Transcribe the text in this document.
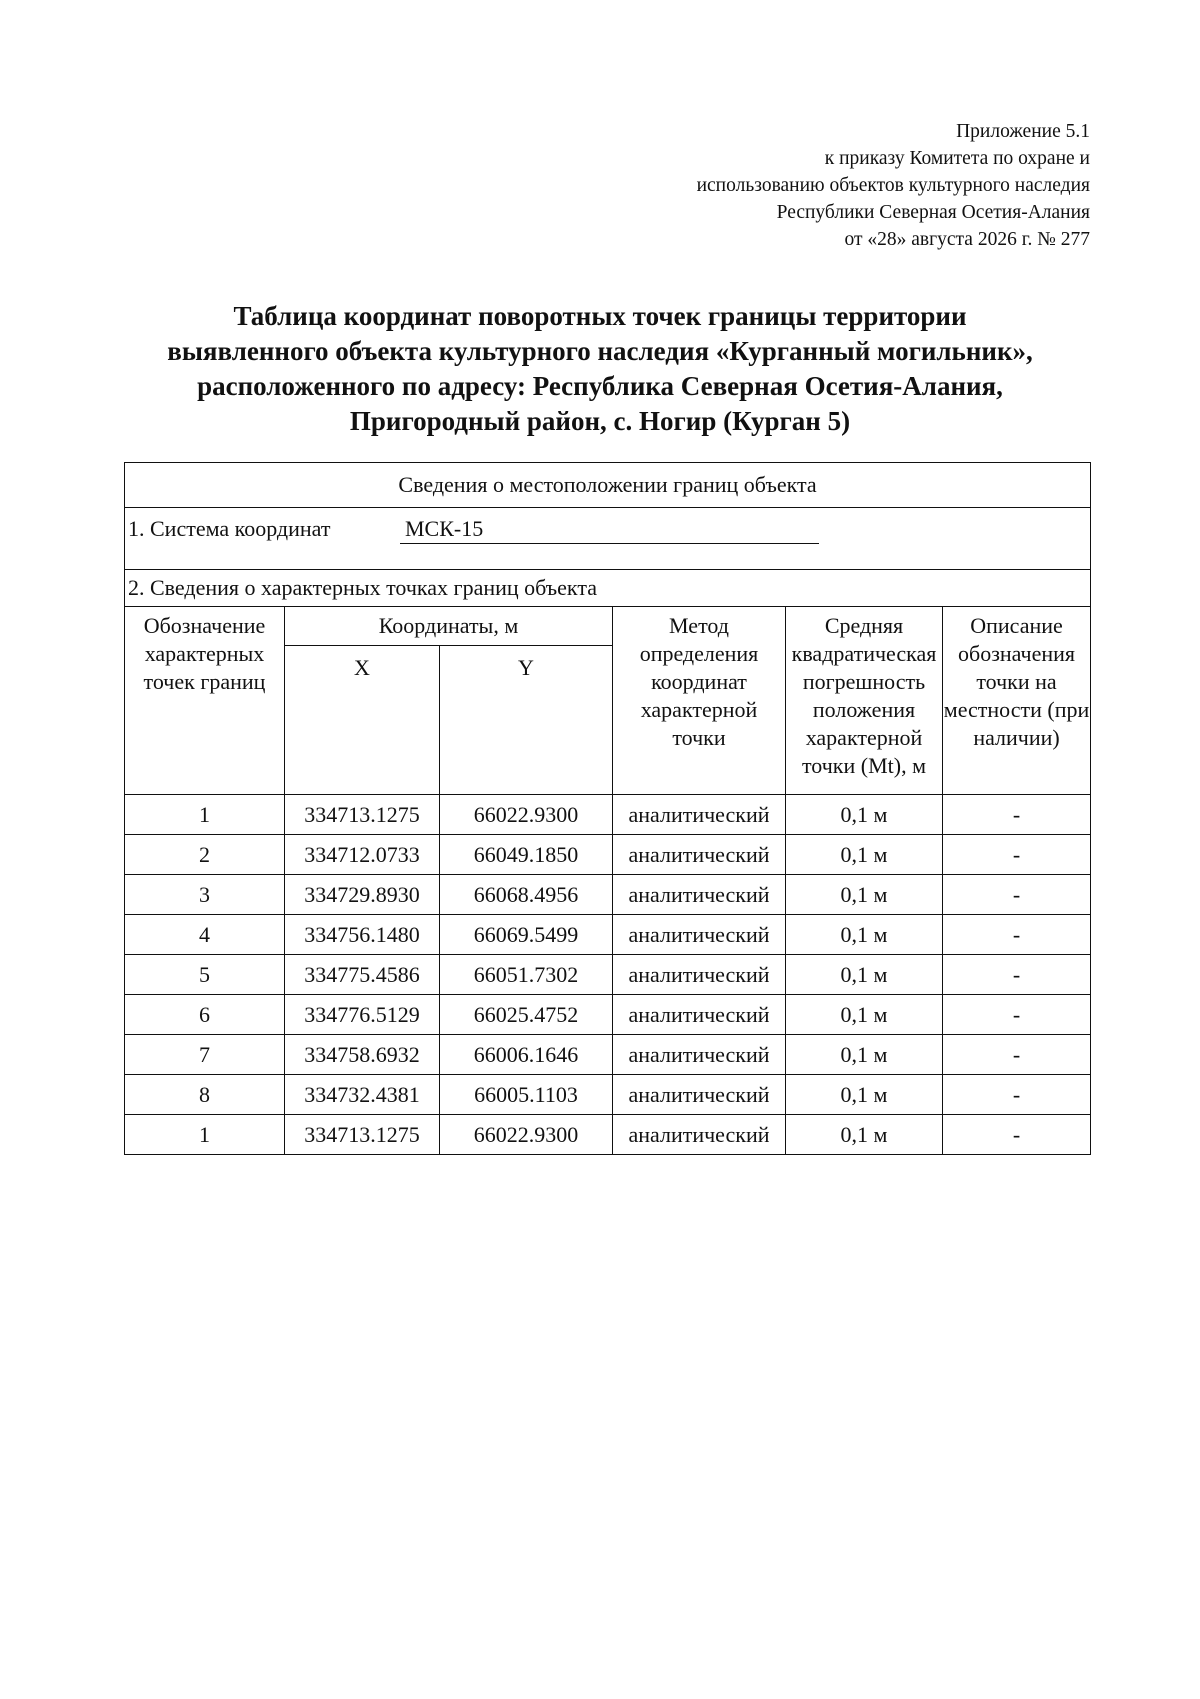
Приложение 5.1
к приказу Комитета по охране и
использованию объектов культурного наследия
Республики Северная Осетия-Алания
от «28» августа 2026 г. № 277
Таблица координат поворотных точек границы территории
выявленного объекта культурного наследия «Курганный могильник»,
расположенного по адресу: Республика Северная Осетия-Алания,
Пригородный район, с. Ногир (Курган 5)
Сведения о местоположении границ объекта					

1. Система координат МСК-15					

2. Сведения о характерных точках границ объекта					
Обозначение характерных точек границ	Координаты, м		Метод определения координат характерной точки	Средняя квадратическая погрешность положения характерной точки (Mt), м	Описание обозначения точки на местности (при наличии)
	X	Y			
1	334713.1275	66022.9300	аналитический	0,1 м	-
2	334712.0733	66049.1850	аналитический	0,1 м	-
3	334729.8930	66068.4956	аналитический	0,1 м	-
4	334756.1480	66069.5499	аналитический	0,1 м	-
5	334775.4586	66051.7302	аналитический	0,1 м	-
6	334776.5129	66025.4752	аналитический	0,1 м	-
7	334758.6932	66006.1646	аналитический	0,1 м	-
8	334732.4381	66005.1103	аналитический	0,1 м	-
1	334713.1275	66022.9300	аналитический	0,1 м	-
